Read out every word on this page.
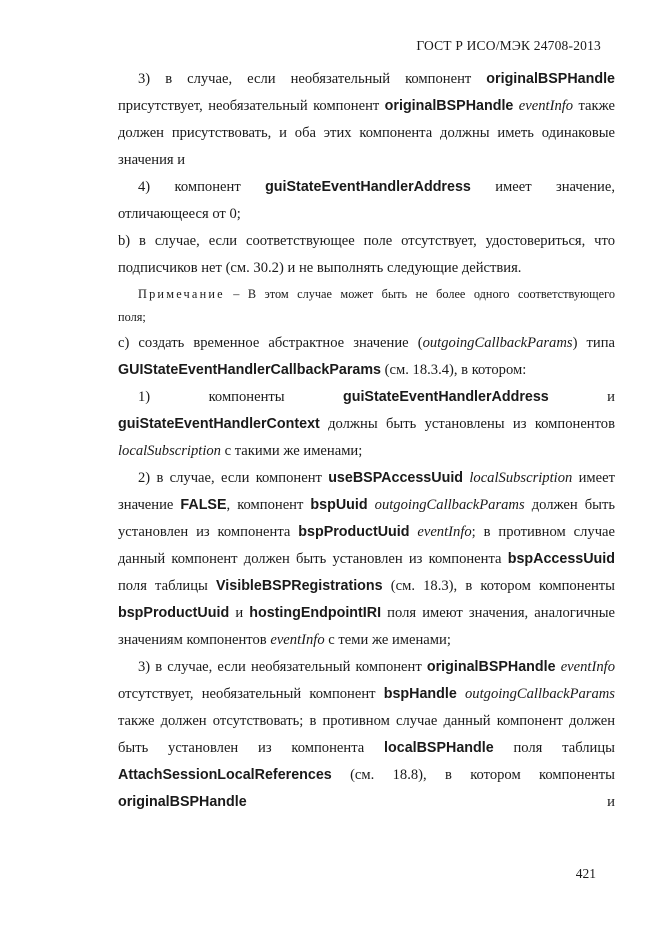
ГОСТ Р ИСО/МЭК 24708-2013

3) в случае, если необязательный компонент originalBSPHandle присутствует, необязательный компонент originalBSPHandle eventInfo также должен присутствовать, и оба этих компонента должны иметь одинаковые значения и

4) компонент guiStateEventHandlerAddress имеет значение, отличающееся от 0;

b) в случае, если соответствующее поле отсутствует, удостовериться, что подписчиков нет (см. 30.2) и не выполнять следующие действия.

Примечание – В этом случае может быть не более одного соответствующего

поля;

c) создать временное абстрактное значение (outgoingCallbackParams) типа GUIStateEventHandlerCallbackParams (см. 18.3.4), в котором:

1) компоненты guiStateEventHandlerAddress и guiStateEventHandlerContext должны быть установлены из компонентов localSubscription с такими же именами;

2) в случае, если компонент useBSPAccessUuid localSubscription имеет значение FALSE, компонент bspUuid outgoingCallbackParams должен быть установлен из компонента bspProductUuid eventInfo; в противном случае данный компонент должен быть установлен из компонента bspAccessUuid поля таблицы VisibleBSPRegistrations (см. 18.3), в котором компоненты bspProductUuid и hostingEndpointIRI поля имеют значения, аналогичные значениям компонентов eventInfo с теми же именами;

3) в случае, если необязательный компонент originalBSPHandle eventInfo отсутствует, необязательный компонент bspHandle outgoingCallbackParams также должен отсутствовать; в противном случае данный компонент должен быть установлен из компонента localBSPHandle поля таблицы AttachSessionLocalReferences (см. 18.8), в котором компоненты originalBSPHandle и

421
